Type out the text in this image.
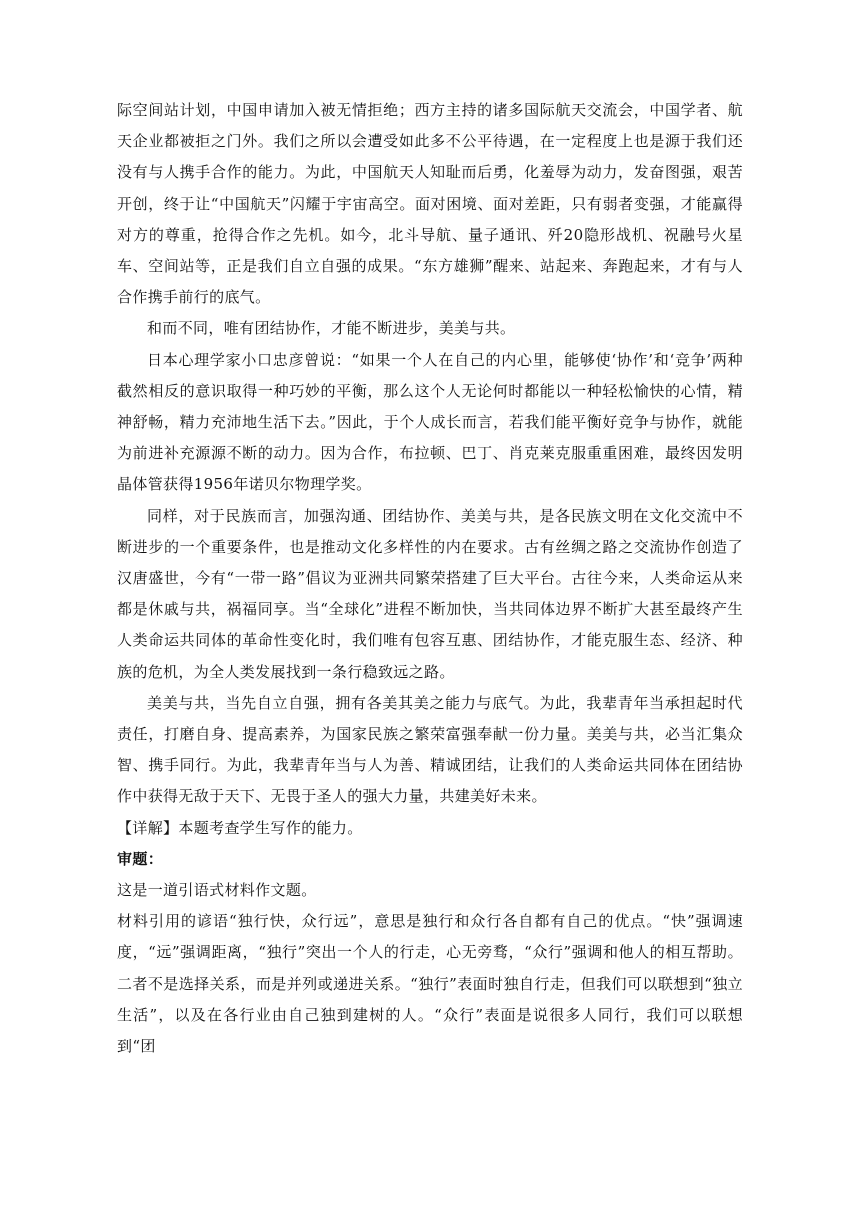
际空间站计划，中国申请加入被无情拒绝；西方主持的诸多国际航天交流会，中国学者、航天企业都被拒之门外。我们之所以会遭受如此多不公平待遇，在一定程度上也是源于我们还没有与人携手合作的能力。为此，中国航天人知耻而后勇，化羞辱为动力，发奋图强，艰苦开创，终于让“中国航天”闪耀于宇宙高空。面对困境、面对差距，只有弱者变强，才能赢得对方的尊重，抢得合作之先机。如今，北斗导航、量子通讯、歼20隐形战机、祝融号火星车、空间站等，正是我们自立自强的成果。“东方雄狮”醒来、站起来、奔跑起来，才有与人合作携手前行的底气。

和而不同，唯有团结协作，才能不断进步，美美与共。

日本心理学家小口忠彦曾说：“如果一个人在自己的内心里，能够使‘协作’和‘竞争’两种截然相反的意识取得一种巧妙的平衡，那么这个人无论何时都能以一种轻松愉快的心情，精神舒畅，精力充沛地生活下去。”因此，于个人成长而言，若我们能平衡好竞争与协作，就能为前进补充源源不断的动力。因为合作，布拉顿、巴丁、肖克莱克服重重困难，最终因发明晶体管获得1956年诺贝尔物理学奖。

同样，对于民族而言，加强沟通、团结协作、美美与共，是各民族文明在文化交流中不断进步的一个重要条件，也是推动文化多样性的内在要求。古有丝绸之路之交流协作创造了汉唐盛世，今有“一带一路”倡议为亚洲共同繁荣搭建了巨大平台。古往今来，人类命运从来都是休戚与共，祸福同享。当“全球化”进程不断加快，当共同体边界不断扩大甚至最终产生人类命运共同体的革命性变化时，我们唯有包容互惠、团结协作，才能克服生态、经济、种族的危机，为全人类发展找到一条行稳致远之路。

美美与共，当先自立自强，拥有各美其美之能力与底气。为此，我辈青年当承担起时代责任，打磨自身、提高素养，为国家民族之繁荣富强奉献一份力量。美美与共，必当汇集众智、携手同行。为此，我辈青年当与人为善、精诚团结，让我们的人类命运共同体在团结协作中获得无敌于天下、无畏于圣人的强大力量，共建美好未来。

【详解】本题考查学生写作的能力。

审题：

这是一道引语式材料作文题。

材料引用的谚语“独行快，众行远”，意思是独行和众行各自都有自己的优点。“快”强调速度，“远”强调距离，“独行”突出一个人的行走，心无旁骛，“众行”强调和他人的相互帮助。二者不是选择关系，而是并列或递进关系。“独行”表面时独自行走，但我们可以联想到“独立生活”，以及在各行业由自己独到建树的人。“众行”表面是说很多人同行，我们可以联想到“团
